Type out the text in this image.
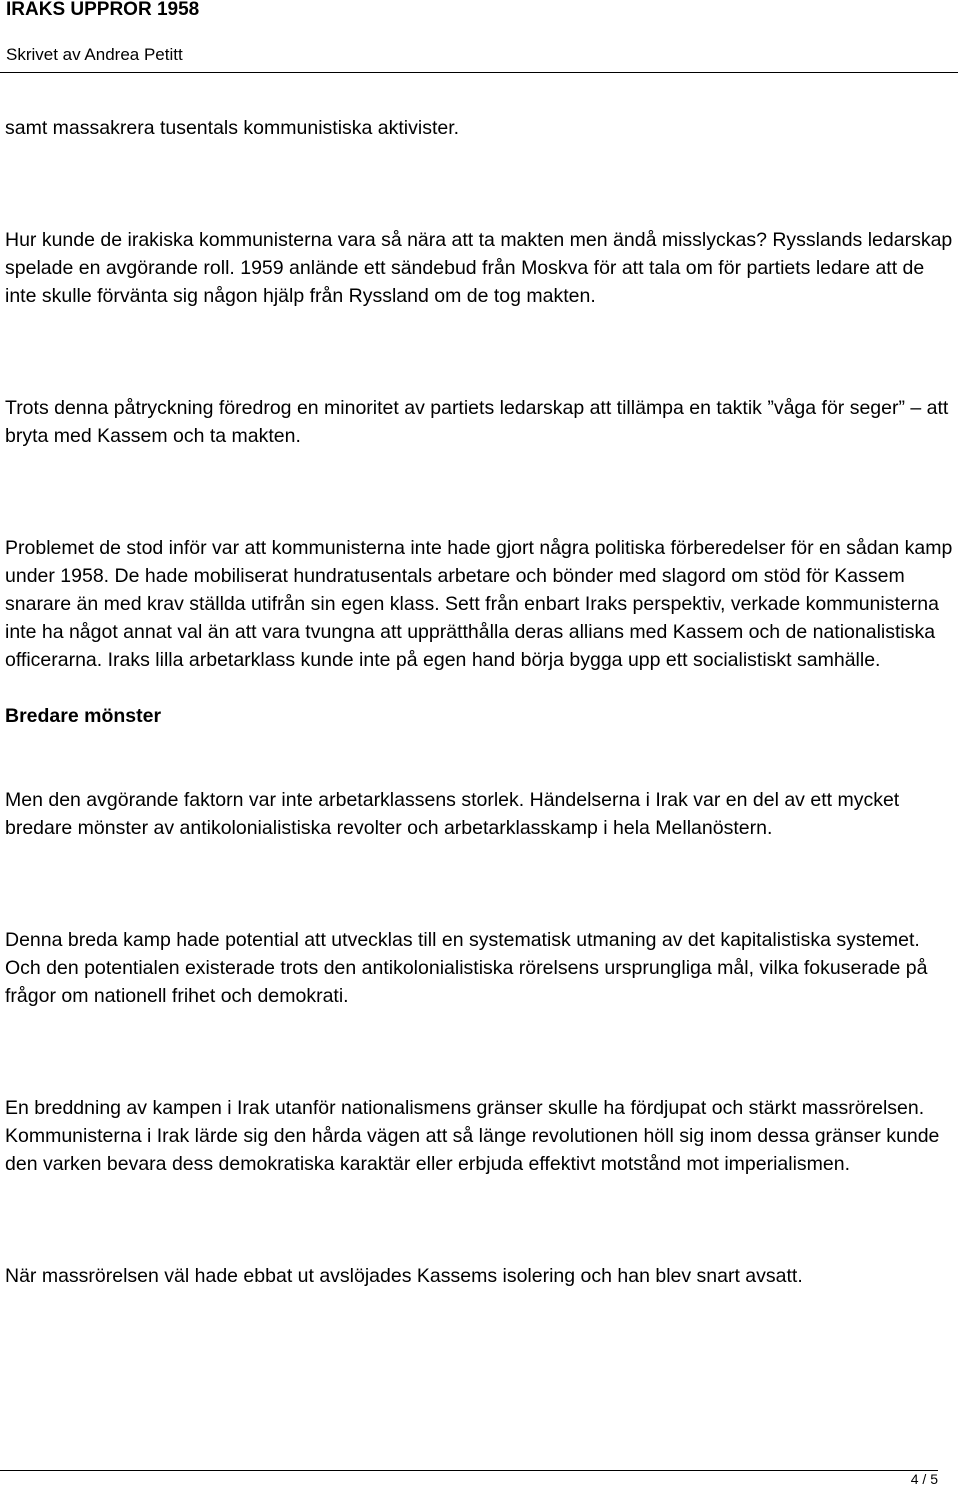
IRAKS UPPROR 1958
Skrivet av Andrea Petitt

samt massakrera tusentals kommunistiska aktivister.

Hur kunde de irakiska kommunisterna vara så nära att ta makten men ändå misslyckas? Rysslands ledarskap spelade en avgörande roll. 1959 anlände ett sändebud från Moskva för att tala om för partiets ledare att de inte skulle förvänta sig någon hjälp från Ryssland om de tog makten.

Trots denna påtryckning föredrog en minoritet av partiets ledarskap att tillämpa en taktik ”våga för seger” – att bryta med Kassem och ta makten.

Problemet de stod inför var att kommunisterna inte hade gjort några politiska förberedelser för en sådan kamp under 1958. De hade mobiliserat hundratusentals arbetare och bönder med slagord om stöd för Kassem snarare än med krav ställda utifrån sin egen klass. Sett från enbart Iraks perspektiv, verkade kommunisterna inte ha något annat val än att vara tvungna att upprätthålla deras allians med Kassem och de nationalistiska officerarna. Iraks lilla arbetarklass kunde inte på egen hand börja bygga upp ett socialistiskt samhälle.

Bredare mönster

Men den avgörande faktorn var inte arbetarklassens storlek. Händelserna i Irak var en del av ett mycket bredare mönster av antikolonialistiska revolter och arbetarklasskamp i hela Mellanöstern.

Denna breda kamp hade potential att utvecklas till en systematisk utmaning av det kapitalistiska systemet. Och den potentialen existerade trots den antikolonialistiska rörelsens ursprungliga mål, vilka fokuserade på frågor om nationell frihet och demokrati.

En breddning av kampen i Irak utanför nationalismens gränser skulle ha fördjupat och stärkt massrörelsen. Kommunisterna i Irak lärde sig den hårda vägen att så länge revolutionen höll sig inom dessa gränser kunde den varken bevara dess demokratiska karaktär eller erbjuda effektivt motstånd mot imperialismen.

När massrörelsen väl hade ebbat ut avslöjades Kassems isolering och han blev snart avsatt.

4 / 5
